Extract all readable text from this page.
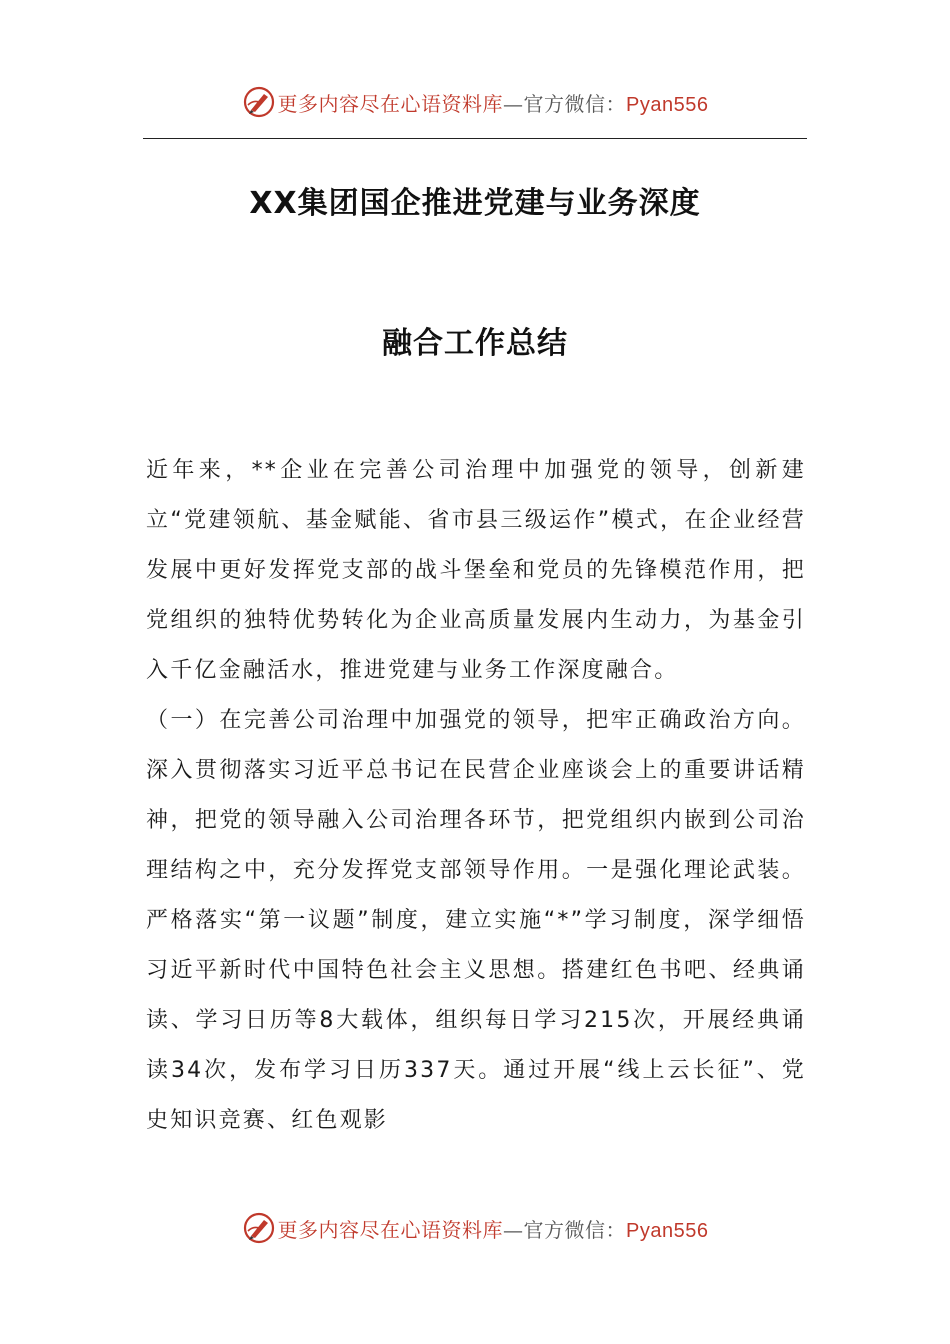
更多内容尽在心语资料库—官方微信：Pyan556
XX集团国企推进党建与业务深度
融合工作总结

近年来，**企业在完善公司治理中加强党的领导，创新建立“党建领航、基金赋能、省市县三级运作”模式，在企业经营发展中更好发挥党支部的战斗堡垒和党员的先锋模范作用，把党组织的独特优势转化为企业高质量发展内生动力，为基金引入千亿金融活水，推进党建与业务工作深度融合。

（一）在完善公司治理中加强党的领导，把牢正确政治方向。深入贯彻落实习近平总书记在民营企业座谈会上的重要讲话精神，把党的领导融入公司治理各环节，把党组织内嵌到公司治理结构之中，充分发挥党支部领导作用。一是强化理论武装。严格落实“第一议题”制度，建立实施“*”学习制度，深学细悟习近平新时代中国特色社会主义思想。搭建红色书吧、经典诵读、学习日历等8大载体，组织每日学习215次，开展经典诵读34次，发布学习日历337天。通过开展“线上云长征”、党史知识竞赛、红色观影

更多内容尽在心语资料库—官方微信：Pyan556
